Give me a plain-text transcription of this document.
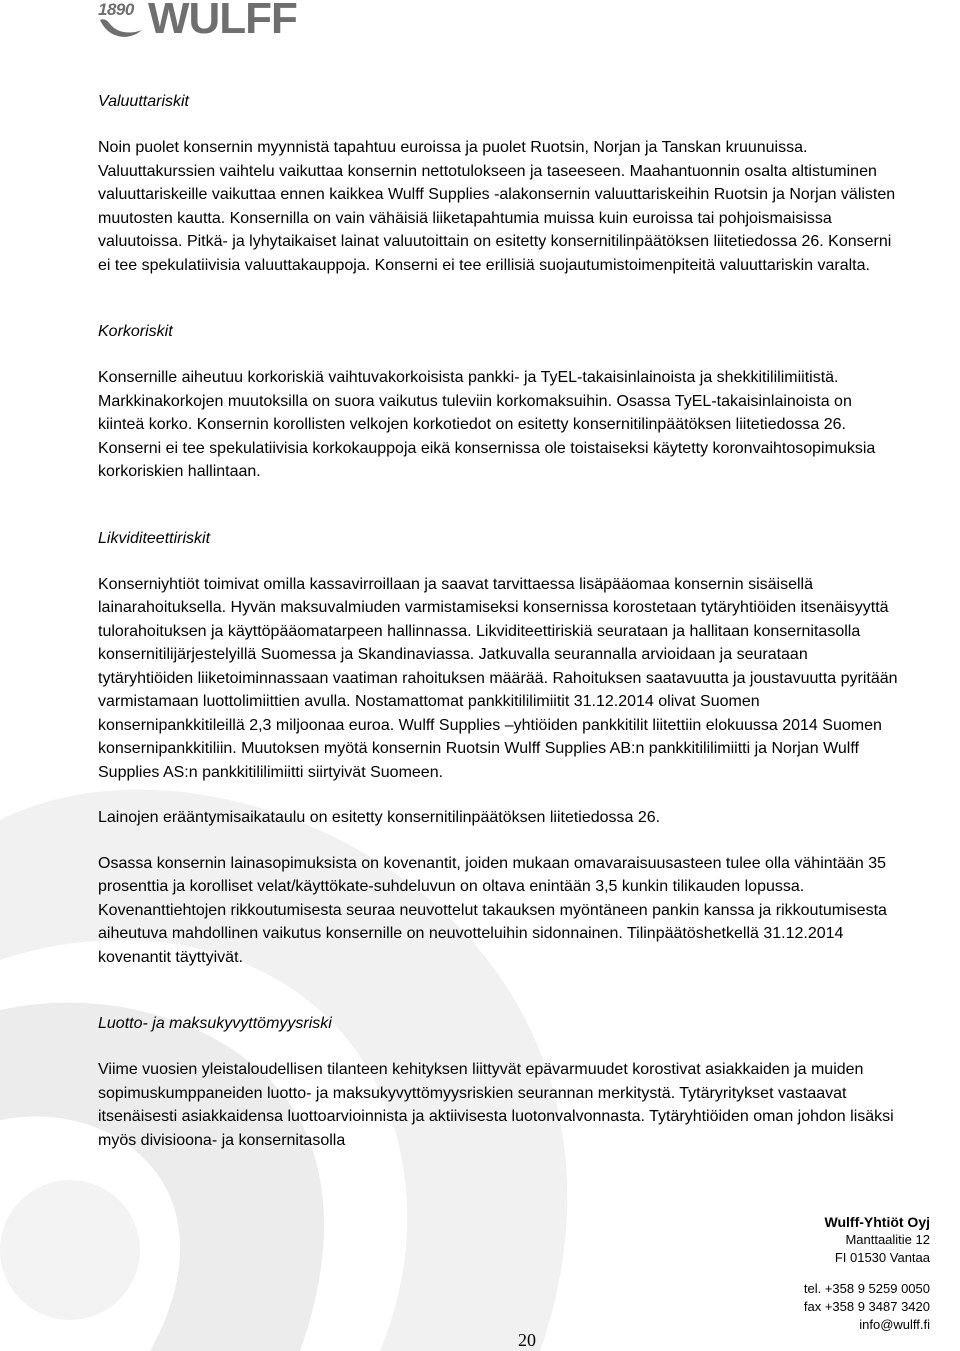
1890 WULFF

Valuuttariskit

Noin puolet konsernin myynnistä tapahtuu euroissa ja puolet Ruotsin, Norjan ja Tanskan kruunuissa. Valuuttakurssien vaihtelu vaikuttaa konsernin nettotulokseen ja taseeseen. Maahantuonnin osalta altistuminen valuuttariskeille vaikuttaa ennen kaikkea Wulff Supplies -alakonsernin valuuttariskeihin Ruotsin ja Norjan välisten muutosten kautta. Konsernilla on vain vähäisiä liiketapahtumia muissa kuin euroissa tai pohjoismaisissa valuutoissa. Pitkä- ja lyhytaikaiset lainat valuutoittain on esitetty konsernitilinpäätöksen liitetiedossa 26. Konserni ei tee spekulatiivisia valuuttakauppoja. Konserni ei tee erillisiä suojautumistoimenpiteitä valuuttariskin varalta.

Korkoriskit

Konsernille aiheutuu korkoriskiä vaihtuvakorkoisista pankki- ja TyEL-takaisinlainoista ja shekkitililimiitistä. Markkinakorkojen muutoksilla on suora vaikutus tuleviin korkomaksuihin. Osassa TyEL-takaisinlainoista on kiinteä korko. Konsernin korollisten velkojen korkotiedot on esitetty konsernitilinpäätöksen liitetiedossa 26. Konserni ei tee spekulatiivisia korkokauppoja eikä konsernissa ole toistaiseksi käytetty koronvaihtosopimuksia korkoriskien hallintaan.

Likviditeettiriskit

Konserniyhtiöt toimivat omilla kassavirroillaan ja saavat tarvittaessa lisäpääomaa konsernin sisäisellä lainarahoituksella. Hyvän maksuvalmiuden varmistamiseksi konsernissa korostetaan tytäryhtiöiden itsenäisyyttä tulorahoituksen ja käyttöpääomatarpeen hallinnassa. Likviditeettiriskiä seurataan ja hallitaan konsernitasolla konsernitilijärjestelyillä Suomessa ja Skandinaviassa. Jatkuvalla seurannalla arvioidaan ja seurataan tytäryhtiöiden liiketoiminnassaan vaatiman rahoituksen määrää. Rahoituksen saatavuutta ja joustavuutta pyritään varmistamaan luottolimiittien avulla. Nostamattomat pankkitililimiitit 31.12.2014 olivat Suomen konsernipankkitileillä 2,3 miljoonaa euroa. Wulff Supplies –yhtiöiden pankkitilit liitettiin elokuussa 2014 Suomen konsernipankkitiliin. Muutoksen myötä konsernin Ruotsin Wulff Supplies AB:n pankkitililimiitti ja Norjan Wulff Supplies AS:n pankkitililimiitti siirtyivät Suomeen.

Lainojen erääntymisaikataulu on esitetty konsernitilinpäätöksen liitetiedossa 26.

Osassa konsernin lainasopimuksista on kovenantit, joiden mukaan omavaraisuusasteen tulee olla vähintään 35 prosenttia ja korolliset velat/käyttökate-suhdeluvun on oltava enintään 3,5 kunkin tilikauden lopussa. Kovenanttiehtojen rikkoutumisesta seuraa neuvottelut takauksen myöntäneen pankin kanssa ja rikkoutumisesta aiheutuva mahdollinen vaikutus konsernille on neuvotteluihin sidonnainen. Tilinpäätöshetkellä 31.12.2014 kovenantit täyttyivät.

Luotto- ja maksukyvyttömyysriski

Viime vuosien yleistaloudellisen tilanteen kehityksen liittyvät epävarmuudet korostivat asiakkaiden ja muiden sopimuskumppaneiden luotto- ja maksukyvyttömyysriskien seurannan merkitystä. Tytäryritykset vastaavat itsenäisesti asiakkaidensa luottoarvioinnista ja aktiivisesta luotonvalvonnasta. Tytäryhtiöiden oman johdon lisäksi myös divisioona- ja konsernitasolla

Wulff-Yhtiöt Oyj
Manttaalitie 12
FI 01530 Vantaa
tel. +358 9 5259 0050
fax +358 9 3487 3420
info@wulff.fi
20
